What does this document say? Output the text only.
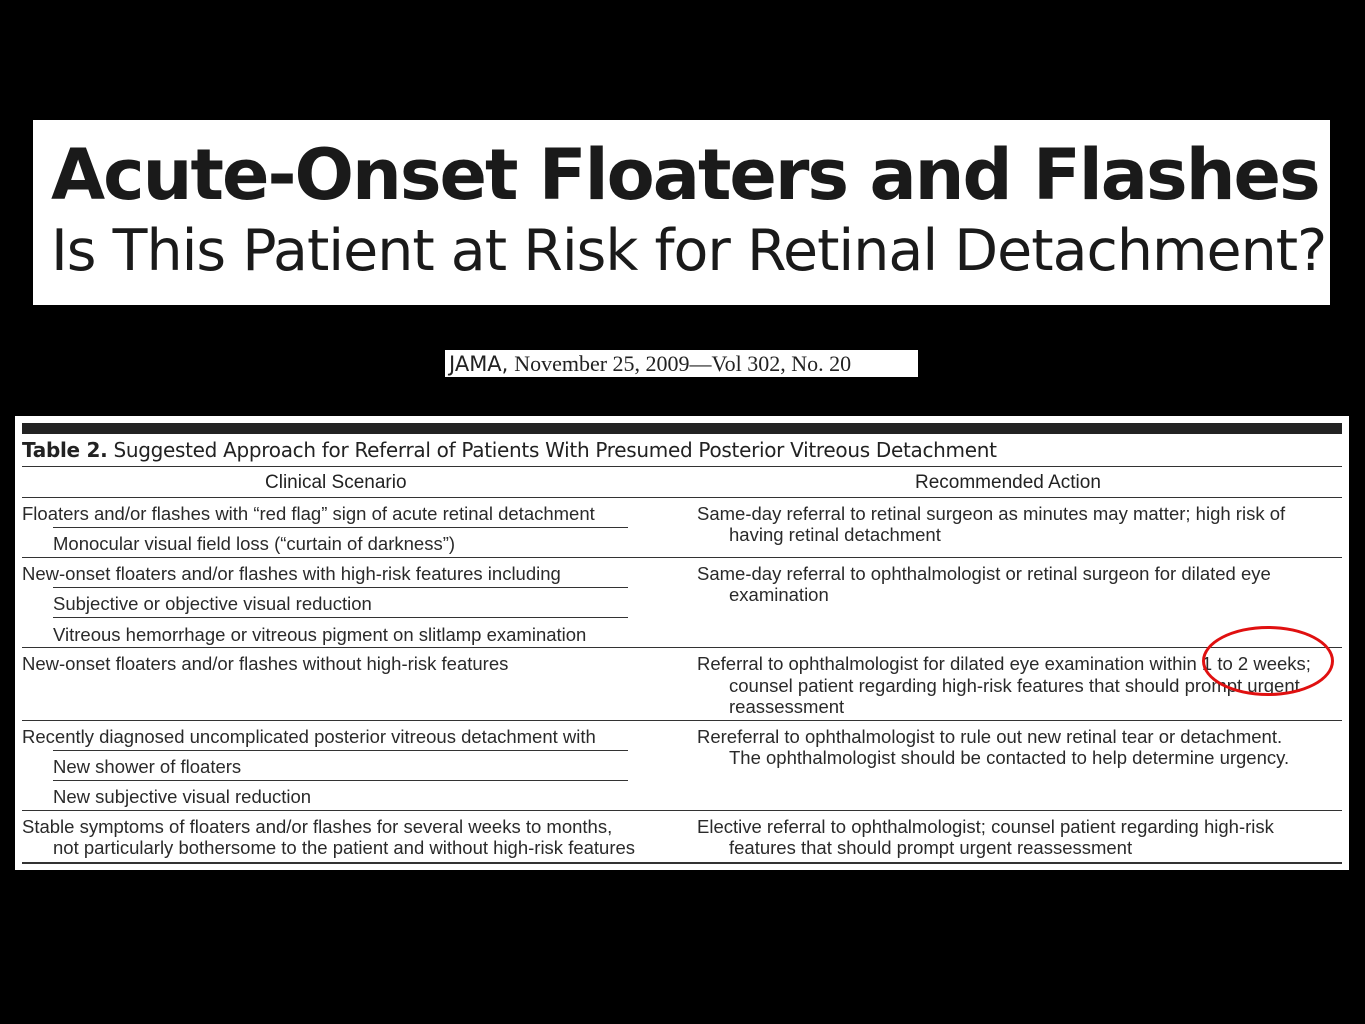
Acute-Onset Floaters and Flashes
Is This Patient at Risk for Retinal Detachment?
JAMA, November 25, 2009—Vol 302, No. 20
Table 2. Suggested Approach for Referral of Patients With Presumed Posterior Vitreous Detachment
Clinical Scenario	Recommended Action
Floaters and/or flashes with “red flag” sign of acute retinal detachment
Monocular visual field loss (“curtain of darkness”)
Same-day referral to retinal surgeon as minutes may matter; high risk of
having retinal detachment
New-onset floaters and/or flashes with high-risk features including
Subjective or objective visual reduction
Vitreous hemorrhage or vitreous pigment on slitlamp examination
Same-day referral to ophthalmologist or retinal surgeon for dilated eye
examination
New-onset floaters and/or flashes without high-risk features	Referral to ophthalmologist for dilated eye examination within 1 to 2 weeks;
counsel patient regarding high-risk features that should prompt urgent
reassessment
Recently diagnosed uncomplicated posterior vitreous detachment with
New shower of floaters
New subjective visual reduction
Rereferral to ophthalmologist to rule out new retinal tear or detachment.
The ophthalmologist should be contacted to help determine urgency.
Stable symptoms of floaters and/or flashes for several weeks to months,
not particularly bothersome to the patient and without high-risk features
Elective referral to ophthalmologist; counsel patient regarding high-risk
features that should prompt urgent reassessment
